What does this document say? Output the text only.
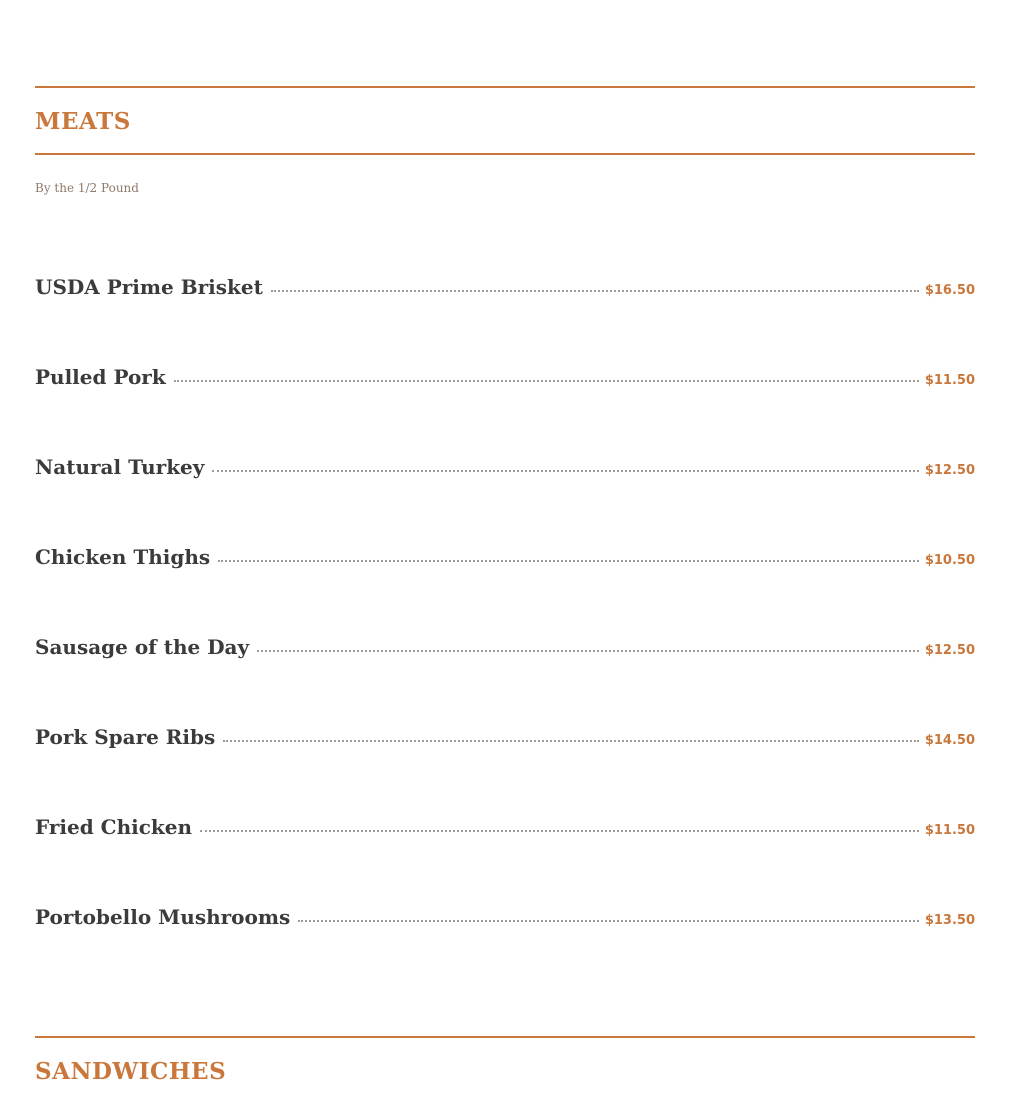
MEATS
By the 1/2 Pound
USDA Prime Brisket	$16.50
Pulled Pork	$11.50
Natural Turkey	$12.50
Chicken Thighs	$10.50
Sausage of the Day	$12.50
Pork Spare Ribs	$14.50
Fried Chicken	$11.50
Portobello Mushrooms	$13.50
SANDWICHES
